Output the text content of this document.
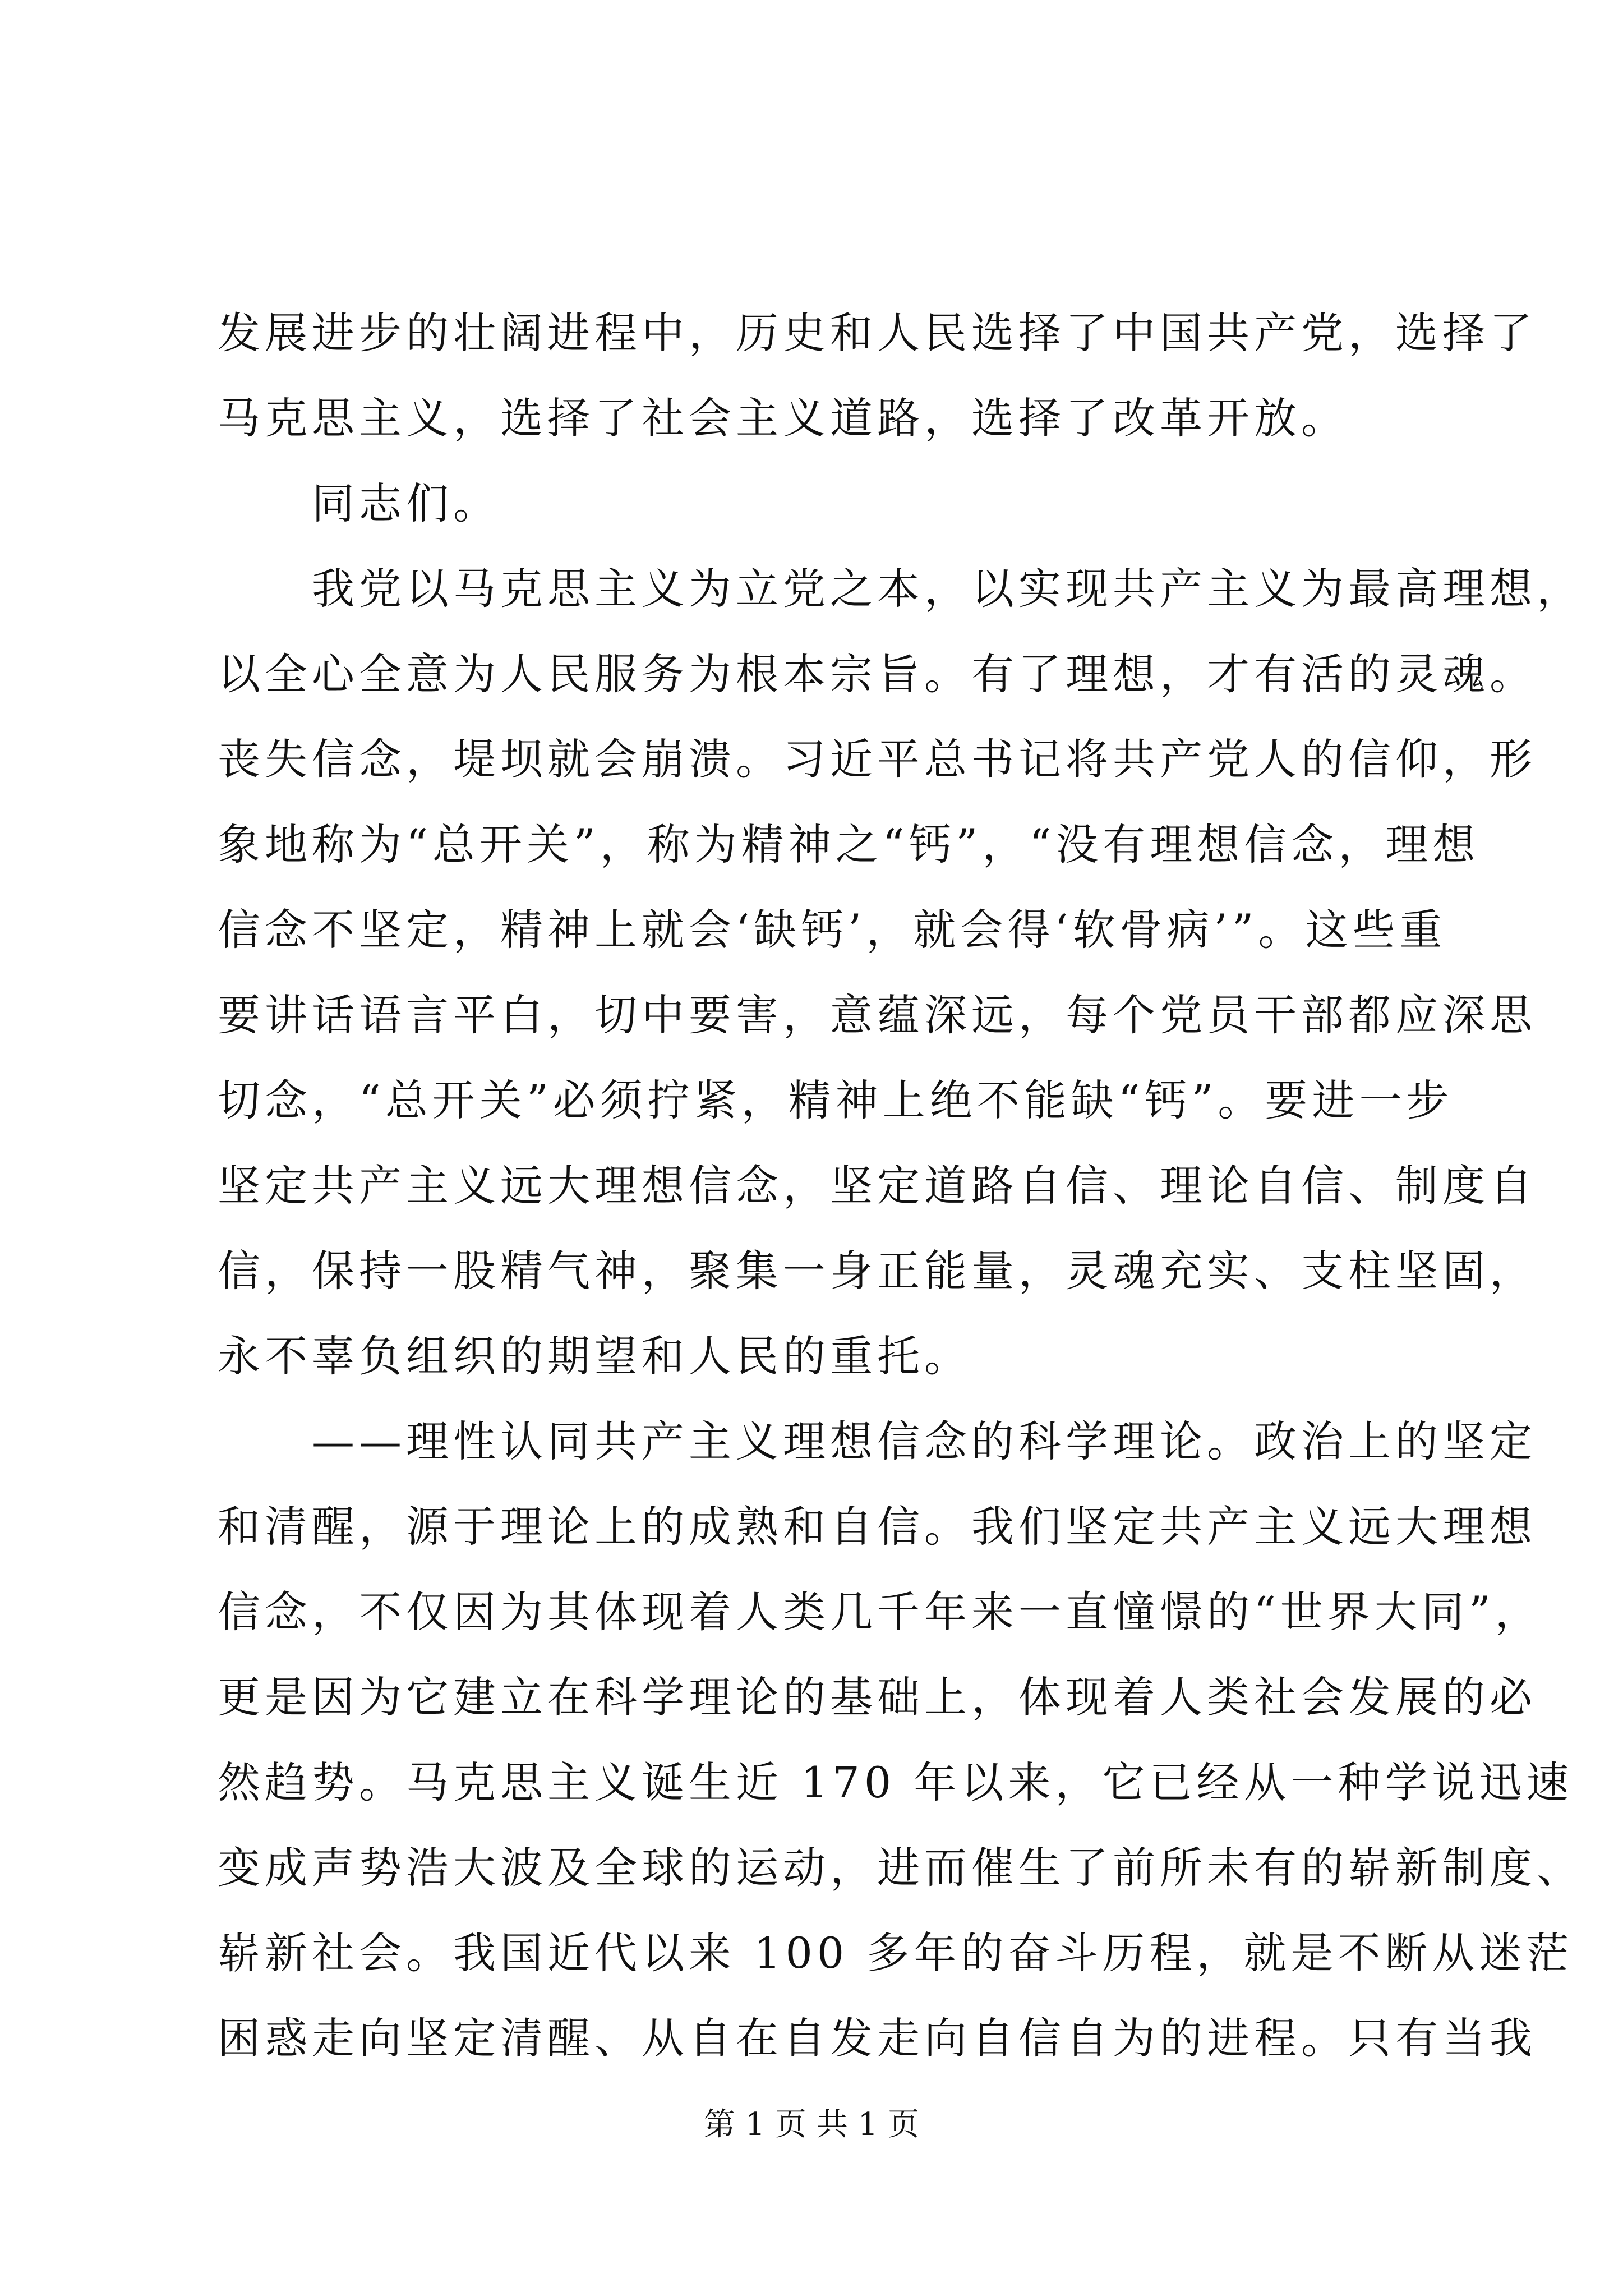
发展进步的壮阔进程中，历史和人民选择了中国共产党，选择了
马克思主义，选择了社会主义道路，选择了改革开放。
　　同志们。
　　我党以马克思主义为立党之本，以实现共产主义为最高理想，
以全心全意为人民服务为根本宗旨。有了理想，才有活的灵魂。
丧失信念，堤坝就会崩溃。习近平总书记将共产党人的信仰，形
象地称为“总开关”，称为精神之“钙”，“没有理想信念，理想
信念不坚定，精神上就会‘缺钙’，就会得‘软骨病’”。这些重
要讲话语言平白，切中要害，意蕴深远，每个党员干部都应深思
切念，“总开关”必须拧紧，精神上绝不能缺“钙”。要进一步
坚定共产主义远大理想信念，坚定道路自信、理论自信、制度自
信，保持一股精气神，聚集一身正能量，灵魂充实、支柱坚固，
永不辜负组织的期望和人民的重托。
　　——理性认同共产主义理想信念的科学理论。政治上的坚定
和清醒，源于理论上的成熟和自信。我们坚定共产主义远大理想
信念，不仅因为其体现着人类几千年来一直憧憬的“世界大同”，
更是因为它建立在科学理论的基础上，体现着人类社会发展的必
然趋势。马克思主义诞生近 170 年以来，它已经从一种学说迅速
变成声势浩大波及全球的运动，进而催生了前所未有的崭新制度、
崭新社会。我国近代以来 100 多年的奋斗历程，就是不断从迷茫
困惑走向坚定清醒、从自在自发走向自信自为的进程。只有当我
第 1 页 共 1 页
